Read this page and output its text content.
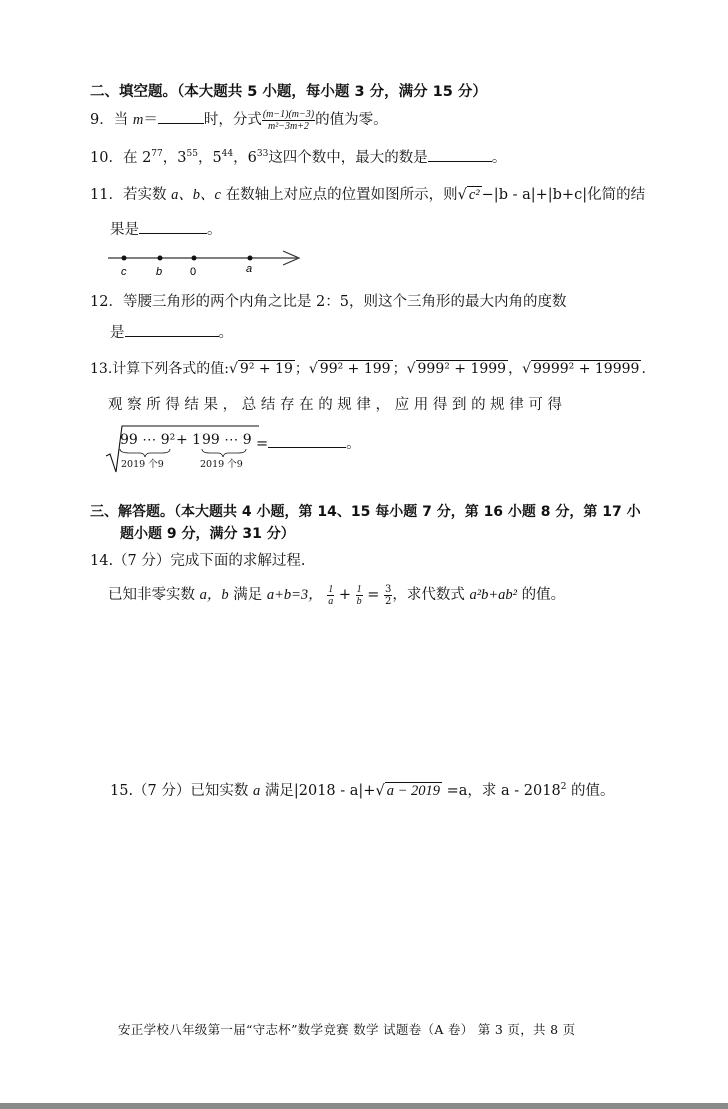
二、填空题。（本大题共 5 小题，每小题 3 分，满分 15 分）
9．当 m＝	时，分式 $\frac{(m-1)(m-3)}{\text{m²−3m+2}}$ 的值为零。
10．在 $2^{77}$，$3^{55}$，$5^{44}$，$6^{33}$这四个数中，最大的数是	。
11．若实数 a、b、c 在数轴上对应点的位置如图所示，则√ c² −|b - a|+|b+c|化简的结
果是	。
c	b	0	a
12．等腰三角形的两个内角之比是 2：5，则这个三角形的最大内角的度数
是	。
13.计算下列各式的值:√ 9² + 19 ；√ 99² + 199 ；√ 999² + 1999 ，√ 9999² + 19999 .
观 察 所 得 结 果 ， 总 结 存 在 的 规 律 ， 应 用 得 到 的 规 律 可 得
99 ⋯ 9² + 1 99 ⋯ 9
2019 个9	2019 个9
=	。
三、解答题。（本大题共 4 小题，第 14、15 每小题 7 分，第 16 小题 8 分，第 17 小
题小题 9 分，满分 31 分）
14.（7 分）完成下面的求解过程.
已知非零实数 a，b 满足 a+b=3， $\frac{1}{a} + \frac{1}{b} = \frac{3}{2}$ ，求代数式 a²b+ab² 的值。
15.（7 分）已知实数 a 满足|2018 - a|+√ a − 2019 =a，求 a - 2018$^2$ 的值。
安正学校八年级第一届“守志杯”数学竞赛 数学 试题卷（A 卷） 第 3 页，共 8 页
